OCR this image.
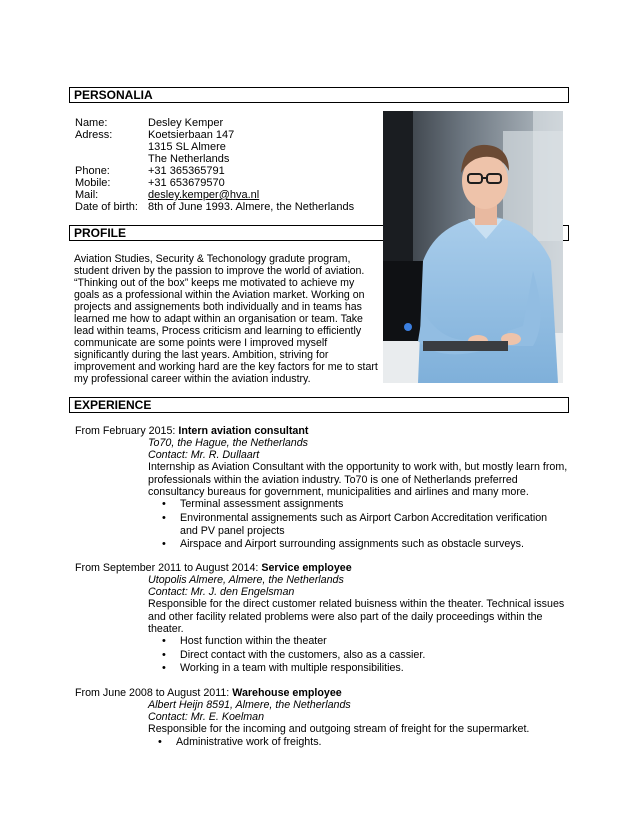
PERSONALIA
PROFILE
EXPERIENCE
Name:	Desley Kemper
Adress:	Koetsierbaan 147
1315 SL Almere
The Netherlands
Phone:	+31 365365791
Mobile:	+31 653679570
Mail:	desley.kemper@hva.nl
Date of birth: 8th of June 1993. Almere, the Netherlands
Aviation Studies, Security & Techonology gradute program, student driven by the passion to improve the world of aviation. “Thinking out of the box” keeps me motivated to achieve my goals as a professional within the Aviation market. Working on projects and assignements both individually and in teams has learned me how to adapt within an organisation or team. Take lead within teams, Process criticism and learning to efficiently communicate are some points were I improved myself significantly during the last years. Ambition, striving for improvement and working hard are the key factors for me to start my professional career within the aviation industry.
From February 2015: Intern aviation consultant
To70, the Hague, the Netherlands
Contact: Mr. R. Dullaart
Internship as Aviation Consultant with the opportunity to work with, but mostly learn from, professionals within the aviation industry. To70 is one of Netherlands preferred consultancy bureaus for government, municipalities and airlines and many more.
• Terminal assessment assignments
• Environmental assignements such as Airport Carbon Accreditation verification and PV panel projects
• Airspace and Airport surrounding assignments such as obstacle surveys.
From September 2011 to August 2014: Service employee
Utopolis Almere, Almere, the Netherlands
Contact: Mr. J. den Engelsman
Responsible for the direct customer related buisness within the theater. Technical issues and other facility related problems were also part of the daily proceedings within the theater.
• Host function within the theater
• Direct contact with the customers, also as a cassier.
• Working in a team with multiple responsibilities.
From June 2008 to August 2011: Warehouse employee
Albert Heijn 8591, Almere, the Netherlands
Contact: Mr. E. Koelman
Responsible for the incoming and outgoing stream of freight for the supermarket.
• Administrative work of freights.
